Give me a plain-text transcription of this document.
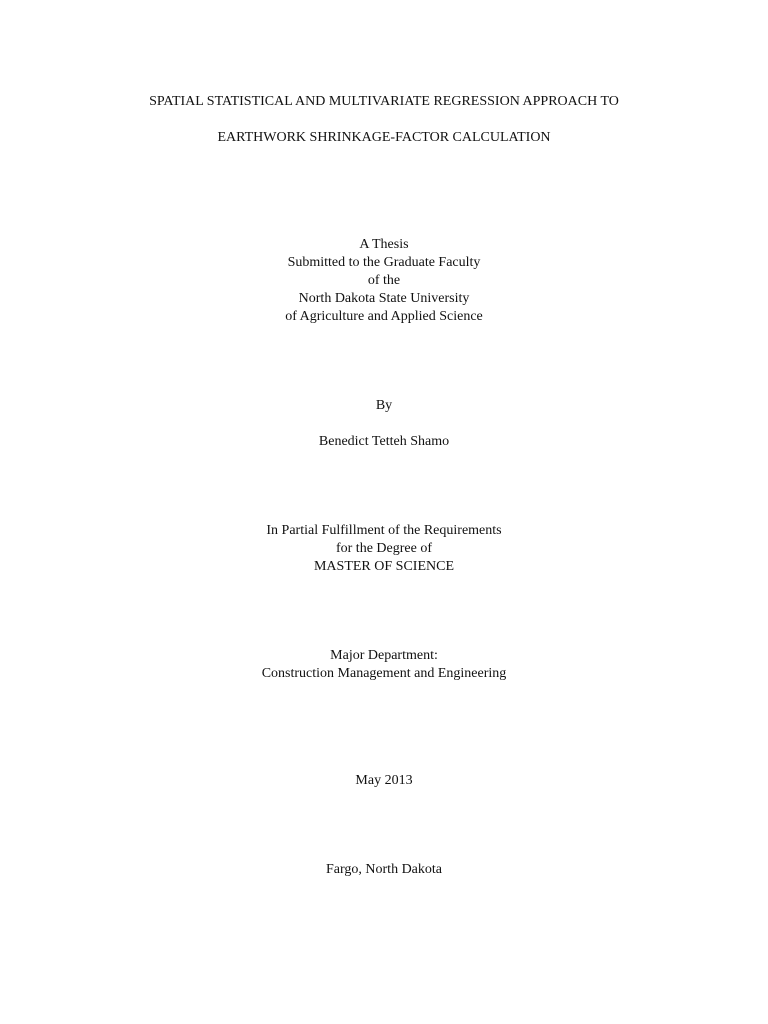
SPATIAL STATISTICAL AND MULTIVARIATE REGRESSION APPROACH TO
EARTHWORK SHRINKAGE-FACTOR CALCULATION
A Thesis
Submitted to the Graduate Faculty
of the
North Dakota State University
of Agriculture and Applied Science
By
Benedict Tetteh Shamo
In Partial Fulfillment of the Requirements
for the Degree of
MASTER OF SCIENCE
Major Department:
Construction Management and Engineering
May 2013
Fargo, North Dakota
